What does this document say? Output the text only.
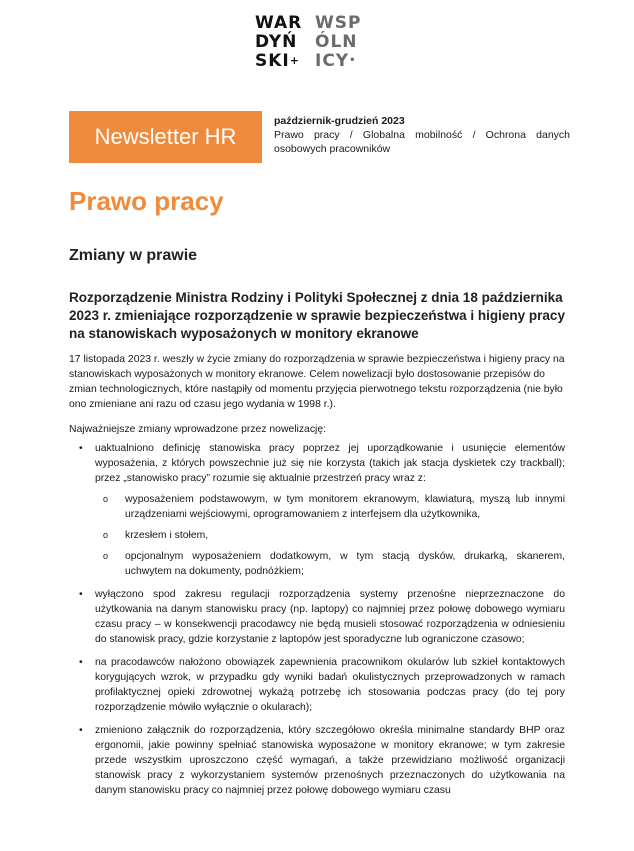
WAR
DYŃ
SKI+
WSP
ÓLN
ICY•
Newsletter HR
październik-grudzień 2023
Prawo pracy / Globalna mobilność / Ochrona danych osobowych pracowników
Prawo pracy
Zmiany w prawie
Rozporządzenie Ministra Rodziny i Polityki Społecznej z dnia 18 października 2023 r. zmieniające rozporządzenie w sprawie bezpieczeństwa i higieny pracy na stanowiskach wyposażonych w monitory ekranowe

17 listopada 2023 r. weszły w życie zmiany do rozporządzenia w sprawie bezpieczeństwa i higieny pracy na stanowiskach wyposażonych w monitory ekranowe. Celem nowelizacji było dostosowanie przepisów do zmian technologicznych, które nastąpiły od momentu przyjęcia pierwotnego tekstu rozporządzenia (nie było ono zmieniane ani razu od czasu jego wydania w 1998 r.).

Najważniejsze zmiany wprowadzone przez nowelizację:

• uaktualniono definicję stanowiska pracy poprzez jej uporządkowanie i usunięcie elementów wyposażenia, z których powszechnie już się nie korzysta (takich jak stacja dyskietek czy trackball); przez „stanowisko pracy” rozumie się aktualnie przestrzeń pracy wraz z:
o wyposażeniem podstawowym, w tym monitorem ekranowym, klawiaturą, myszą lub innymi urządzeniami wejściowymi, oprogramowaniem z interfejsem dla użytkownika,
o krzesłem i stołem,
o opcjonalnym wyposażeniem dodatkowym, w tym stacją dysków, drukarką, skanerem, uchwytem na dokumenty, podnóżkiem;
• wyłączono spod zakresu regulacji rozporządzenia systemy przenośne nieprzeznaczone do użytkowania na danym stanowisku pracy (np. laptopy) co najmniej przez połowę dobowego wymiaru czasu pracy – w konsekwencji pracodawcy nie będą musieli stosować rozporządzenia w odniesieniu do stanowisk pracy, gdzie korzystanie z laptopów jest sporadyczne lub ograniczone czasowo;
• na pracodawców nałożono obowiązek zapewnienia pracownikom okularów lub szkieł kontaktowych korygujących wzrok, w przypadku gdy wyniki badań okulistycznych przeprowadzonych w ramach profilaktycznej opieki zdrowotnej wykażą potrzebę ich stosowania podczas pracy (do tej pory rozporządzenie mówiło wyłącznie o okularach);
• zmieniono załącznik do rozporządzenia, który szczegółowo określa minimalne standardy BHP oraz ergonomii, jakie powinny spełniać stanowiska wyposażone w monitory ekranowe; w tym zakresie przede wszystkim uproszczono część wymagań, a także przewidziano możliwość organizacji stanowisk pracy z wykorzystaniem systemów przenośnych przeznaczonych do użytkowania na danym stanowisku pracy co najmniej przez połowę dobowego wymiaru czasu
